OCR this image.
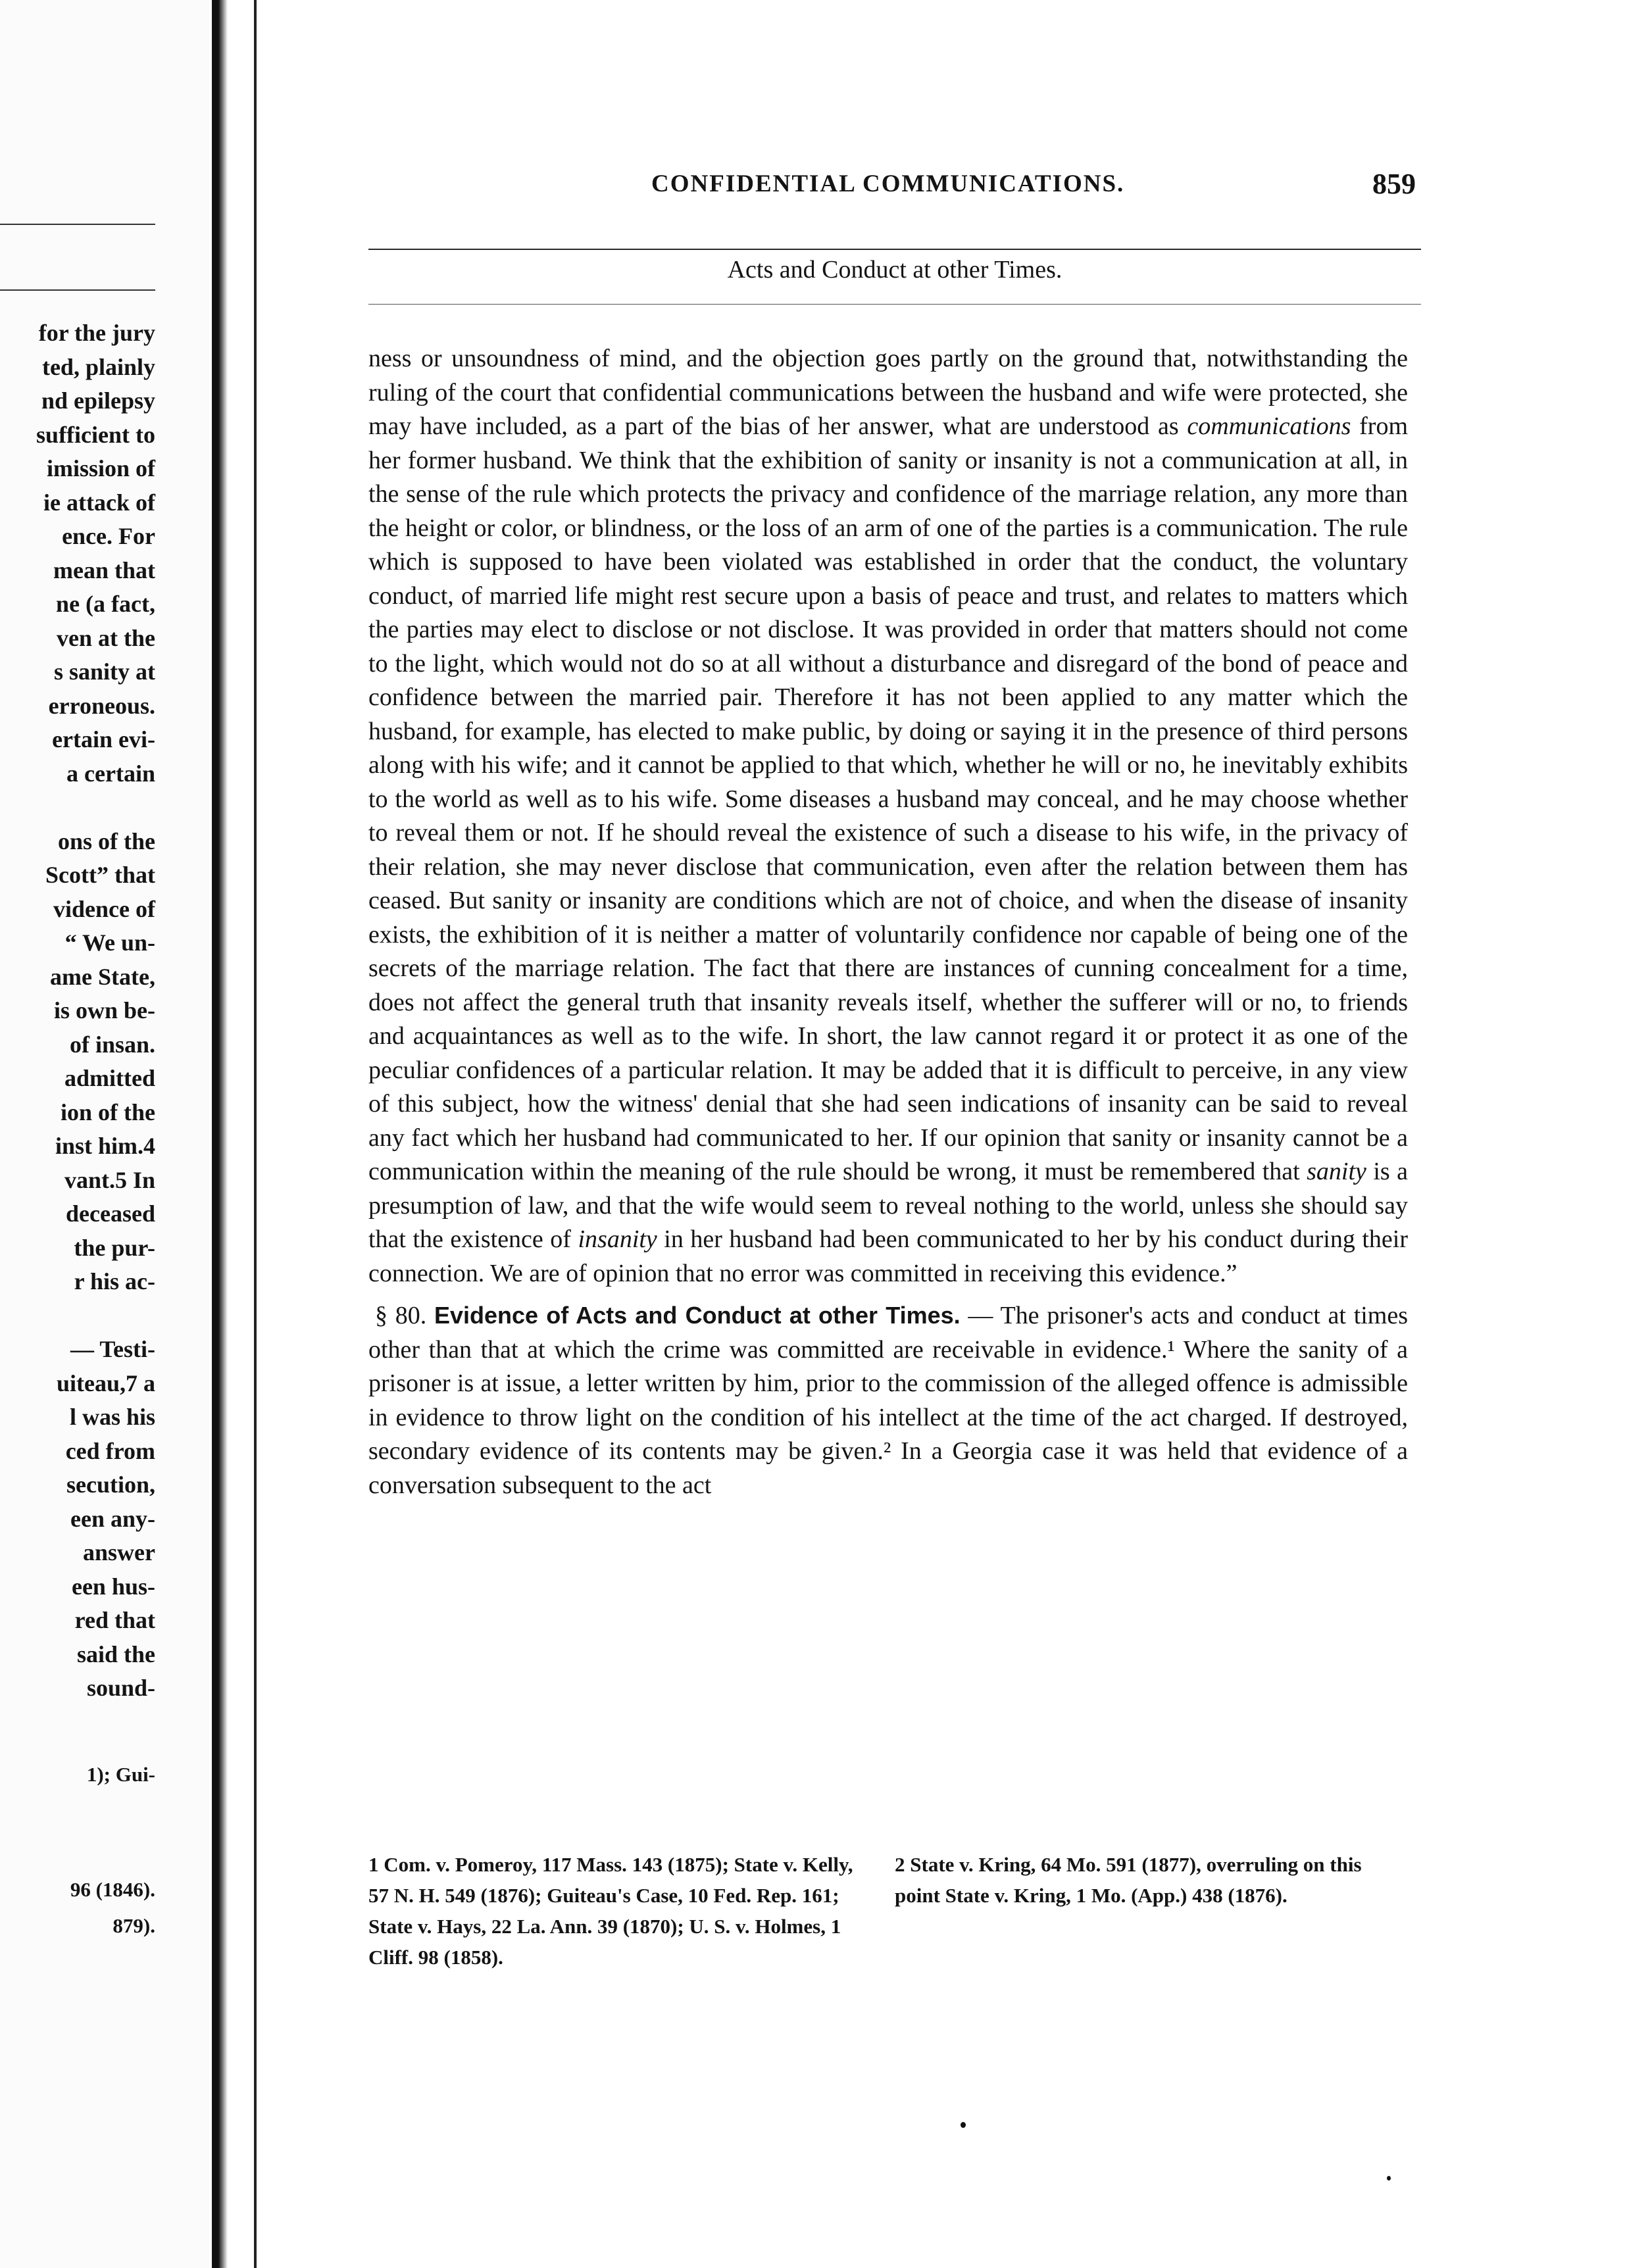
for the jury
ted, plainly
nd epilepsy
sufficient to
imission of
ie attack of
ence. For
mean that
ne (a fact,
ven at the
s sanity at
erroneous.
ertain evi-
a certain
ons of the
Scott” that
vidence of
“ We un-
ame State,
is own be-
of insan.
admitted
ion of the
inst him.4
vant.5 In
deceased
the pur-
r his ac-
— Testi-
uiteau,7 a
l was his
ced from
secution,
een any-
answer
een hus-
red that
said the
sound-
1); Gui-
96 (1846).
879).
CONFIDENTIAL COMMUNICATIONS.	859
Acts and Conduct at other Times.

ness or unsoundness of mind, and the objection goes partly on the ground that, notwithstanding the ruling of the court that confidential communications between the husband and wife were protected, she may have included, as a part of the bias of her answer, what are understood as communications from her former husband. We think that the exhibition of sanity or insanity is not a communication at all, in the sense of the rule which protects the privacy and confidence of the marriage relation, any more than the height or color, or blindness, or the loss of an arm of one of the parties is a communication. The rule which is supposed to have been violated was established in order that the conduct, the voluntary conduct, of married life might rest secure upon a basis of peace and trust, and relates to matters which the parties may elect to disclose or not disclose. It was provided in order that matters should not come to the light, which would not do so at all without a disturbance and disregard of the bond of peace and confidence between the married pair. Therefore it has not been applied to any matter which the husband, for example, has elected to make public, by doing or saying it in the presence of third persons along with his wife; and it cannot be applied to that which, whether he will or no, he inevitably exhibits to the world as well as to his wife. Some diseases a husband may conceal, and he may choose whether to reveal them or not. If he should reveal the existence of such a disease to his wife, in the privacy of their relation, she may never disclose that communication, even after the relation between them has ceased. But sanity or insanity are conditions which are not of choice, and when the disease of insanity exists, the exhibition of it is neither a matter of voluntarily confidence nor capable of being one of the secrets of the marriage relation. The fact that there are instances of cunning concealment for a time, does not affect the general truth that insanity reveals itself, whether the sufferer will or no, to friends and acquaintances as well as to the wife. In short, the law cannot regard it or protect it as one of the peculiar confidences of a particular relation. It may be added that it is difficult to perceive, in any view of this subject, how the witness' denial that she had seen indications of insanity can be said to reveal any fact which her husband had communicated to her. If our opinion that sanity or insanity cannot be a communication within the meaning of the rule should be wrong, it must be remembered that sanity is a presumption of law, and that the wife would seem to reveal nothing to the world, unless she should say that the existence of insanity in her husband had been communicated to her by his conduct during their connection. We are of opinion that no error was committed in receiving this evidence.”

§ 80. Evidence of Acts and Conduct at other Times. — The prisoner's acts and conduct at times other than that at which the crime was committed are receivable in evidence.¹ Where the sanity of a prisoner is at issue, a letter written by him, prior to the commission of the alleged offence is admissible in evidence to throw light on the condition of his intellect at the time of the act charged. If destroyed, secondary evidence of its contents may be given.² In a Georgia case it was held that evidence of a conversation subsequent to the act

1 Com. v. Pomeroy, 117 Mass. 143 (1875); State v. Kelly, 57 N. H. 549 (1876); Guiteau's Case, 10 Fed. Rep. 161; State v. Hays, 22 La. Ann. 39 (1870); U. S. v. Holmes, 1 Cliff. 98 (1858).
2 State v. Kring, 64 Mo. 591 (1877), overruling on this point State v. Kring, 1 Mo. (App.) 438 (1876).
